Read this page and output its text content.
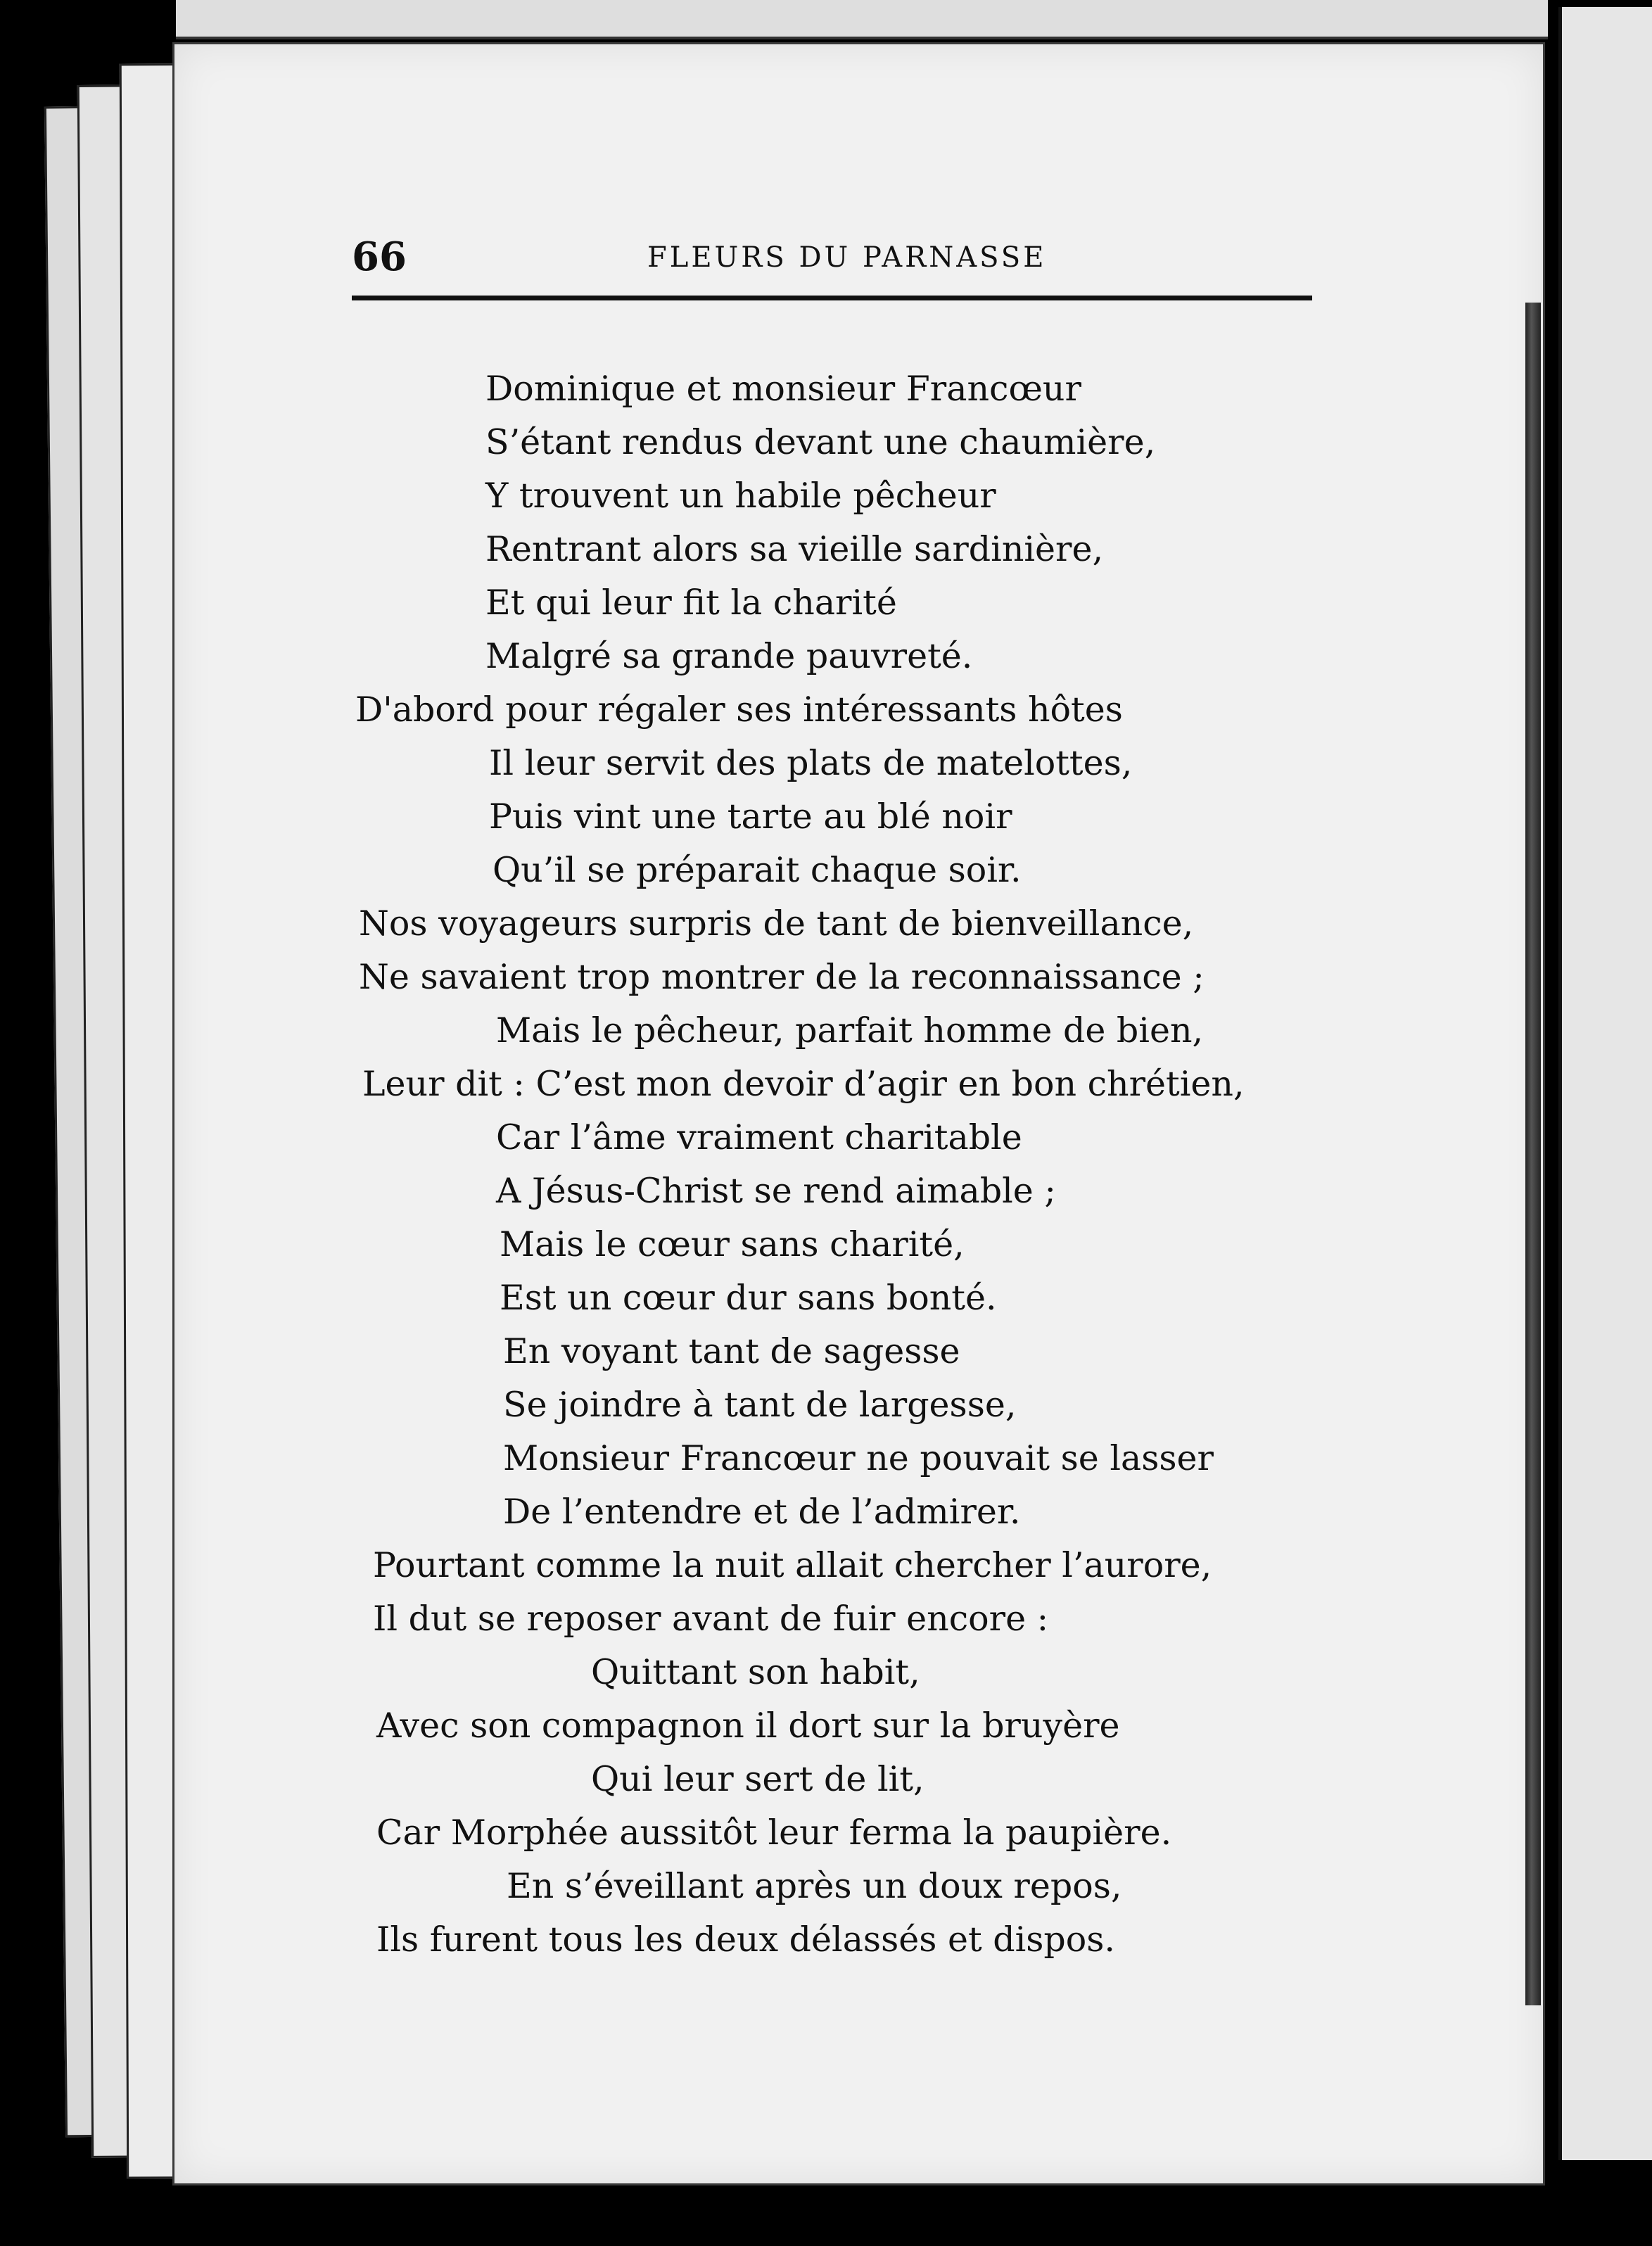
66	FLEURS DU PARNASSE
Dominique et monsieur Francœur
S’étant rendus devant une chaumière,
Y trouvent un habile pêcheur
Rentrant alors sa vieille sardinière,
Et qui leur fit la charité
Malgré sa grande pauvreté.
D'abord pour régaler ses intéressants hôtes
Il leur servit des plats de matelottes,
Puis vint une tarte au blé noir
Qu’il se préparait chaque soir.
Nos voyageurs surpris de tant de bienveillance,
Ne savaient trop montrer de la reconnaissance ;
Mais le pêcheur, parfait homme de bien,
Leur dit : C’est mon devoir d’agir en bon chrétien,
Car l’âme vraiment charitable
A Jésus-Christ se rend aimable ;
Mais le cœur sans charité,
Est un cœur dur sans bonté.
En voyant tant de sagesse
Se joindre à tant de largesse,
Monsieur Francœur ne pouvait se lasser
De l’entendre et de l’admirer.
Pourtant comme la nuit allait chercher l’aurore,
Il dut se reposer avant de fuir encore :
Quittant son habit,
Avec son compagnon il dort sur la bruyère
Qui leur sert de lit,
Car Morphée aussitôt leur ferma la paupière.
En s’éveillant après un doux repos,
Ils furent tous les deux délassés et dispos.
